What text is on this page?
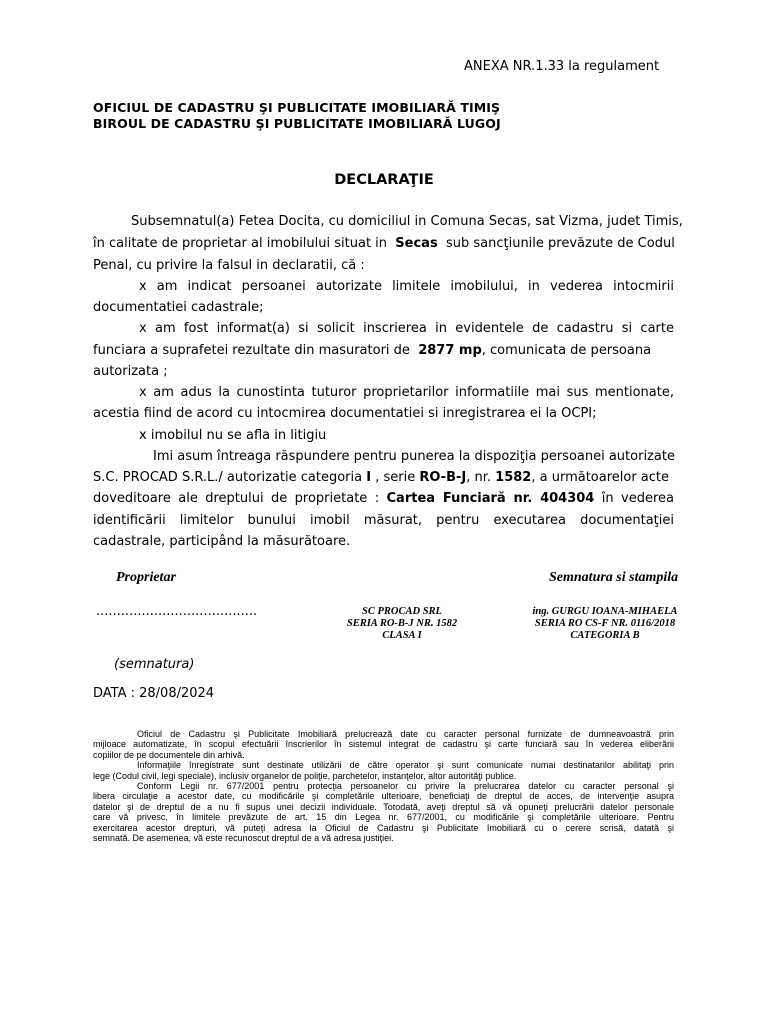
ANEXA NR.1.33 la regulament
OFICIUL DE CADASTRU ŞI PUBLICITATE IMOBILIARĂ TIMIŞ
BIROUL DE CADASTRU ŞI PUBLICITATE IMOBILIARĂ LUGOJ
DECLARAŢIE
Subsemnatul(a) Fetea Docita, cu domiciliul in Comuna Secas, sat Vizma, judet Timis,
în calitate de proprietar al imobilului situat in Secas sub sancţiunile prevăzute de Codul
Penal, cu privire la falsul in declaratii, că :
x am indicat persoanei autorizate limitele imobilului, in vederea intocmirii
documentatiei cadastrale;
x am fost informat(a) si solicit inscrierea in evidentele de cadastru si carte
funciara a suprafetei rezultate din masuratori de 2877 mp, comunicata de persoana
autorizata ;
x am adus la cunostinta tuturor proprietarilor informatiile mai sus mentionate,
acestia fiind de acord cu intocmirea documentatiei si inregistrarea ei la OCPI;
x imobilul nu se afla in litigiu
Imi asum întreaga răspundere pentru punerea la dispoziţia persoanei autorizate
S.C. PROCAD S.R.L./ autorizatie categoria I , serie RO-B-J, nr. 1582, a următoarelor acte
doveditoare ale dreptului de proprietate : Cartea Funciară nr. 404304 în vederea
identificării limitelor bunului imobil măsurat, pentru executarea documentaţiei
cadastrale, participând la măsurătoare.
Proprietar	Semnatura si stampila
.......................................	SC PROCAD SRL
SERIA RO-B-J NR. 1582
CLASA I
ing. GURGU IOANA-MIHAELA
SERIA RO CS-F NR. 0116/2018
CATEGORIA B
(semnatura)
DATA : 28/08/2024
Oficiul de Cadastru şi Publicitate Imobiliară prelucrează date cu caracter personal furnizate de dumneavoastră prin
mijloace automatizate, în scopul efectuării înscrierilor în sistemul integrat de cadastru şi carte funciară sau în vederea eliberării
copiilor de pe documentele din arhivă.
Informaţiile înregistrate sunt destinate utilizării de către operator şi sunt comunicate numai destinatarilor abilitaţi prin
lege (Codul civil, legi speciale), inclusiv organelor de poliţie, parchetelor, instanţelor, altor autorităţi publice.
Conform Legii nr. 677/2001 pentru protecţia persoanelor cu privire la prelucrarea datelor cu caracter personal şi
libera circulaţie a acestor date, cu modificările şi completările ulterioare, beneficiaţi de dreptul de acces, de intervenţie asupra
datelor şi de dreptul de a nu fi supus unei decizii individuale. Totodată, aveţi dreptul să vă opuneţi prelucrării datelor personale
care vă privesc, în limitele prevăzute de art. 15 din Legea nr. 677/2001, cu modificările şi completările ulterioare. Pentru
exercitarea acestor drepturi, vă puteţi adresa la Oficiul de Cadastru şi Publicitate Imobiliară cu o cerere scrisă, datată şi
semnată. De asemenea, vă este recunoscut dreptul de a vă adresa justiţiei.
